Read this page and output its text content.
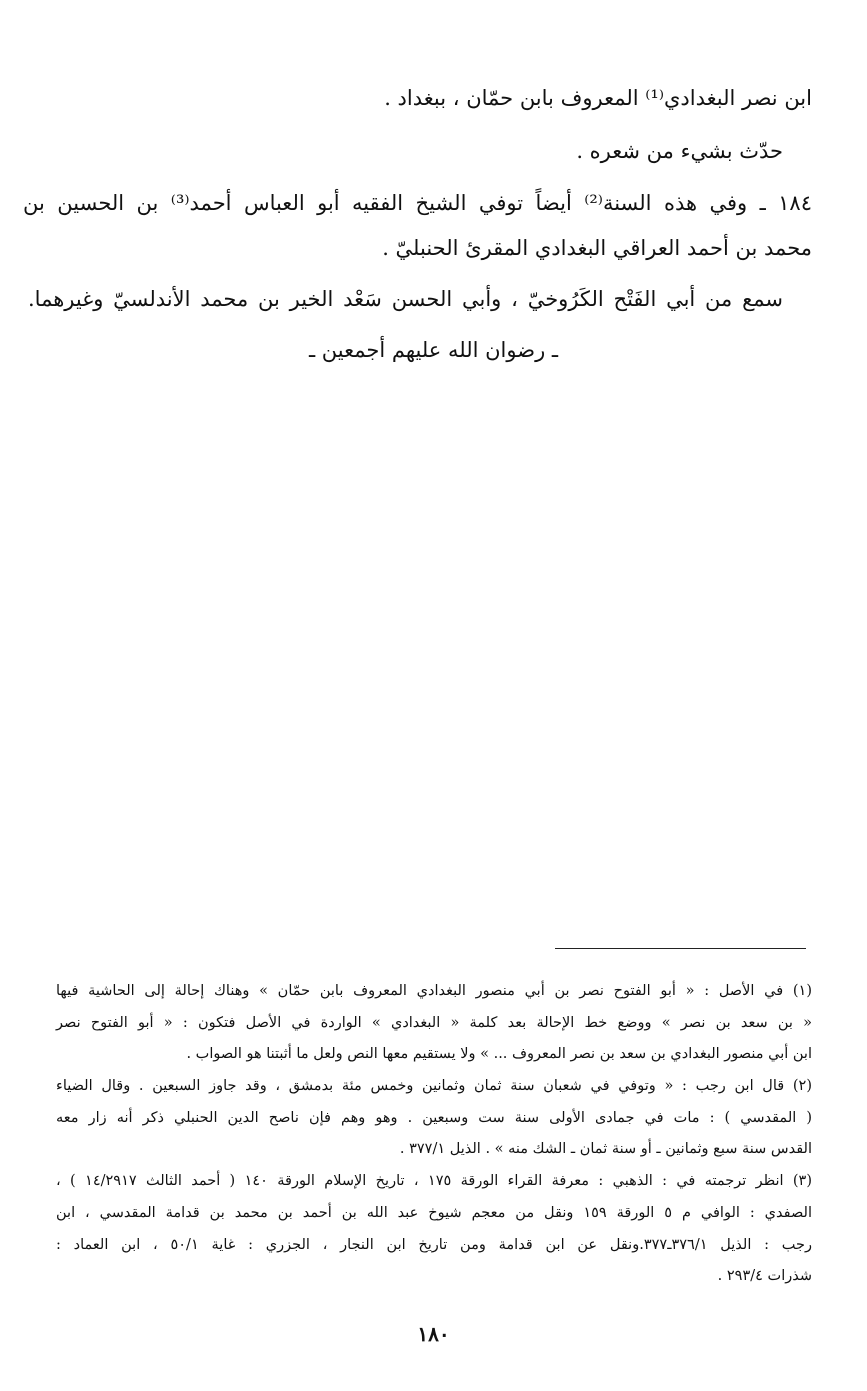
ابن نصر البغدادي⁽¹⁾ المعروف بابن حمّان ، ببغداد .

حدّث بشيء من شعره .

١٨٤ ـ وفي هذه السنة⁽²⁾ أيضاً توفي الشيخ الفقيه أبو العباس أحمد⁽³⁾ بن الحسين بن

محمد بن أحمد العراقي البغدادي المقرئ الحنبليّ .

سمع من أبي الفَتْح الكَرُوخيّ ، وأبي الحسن سَعْد الخير بن محمد الأندلسيّ وغيرهما.

ـ رضوان الله عليهم أجمعين ـ

(١) في الأصل : « أبو الفتوح نصر بن أبي منصور البغدادي المعروف بابن حمّان » وهناك إحالة إلى الحاشية فيها

« بن سعد بن نصر » ووضع خط الإحالة بعد كلمة « البغدادي » الواردة في الأصل فتكون : « أبو الفتوح نصر

ابن أبي منصور البغدادي بن سعد بن نصر المعروف ... » ولا يستقيم معها النص ولعل ما أثبتنا هو الصواب .

(٢) قال ابن رجب : « وتوفي في شعبان سنة ثمان وثمانين وخمس مئة بدمشق ، وقد جاوز السبعين . وقال الضياء

( المقدسي ) : مات في جمادى الأولى سنة ست وسبعين . وهو وهم فإن ناصح الدين الحنبلي ذكر أنه زار معه

القدس سنة سبع وثمانين ـ أو سنة ثمان ـ الشك منه » . الذيل ٣٧٧/١ .

(٣) انظر ترجمته في : الذهبي : معرفة القراء الورقة ١٧٥ ، تاريخ الإسلام الورقة ١٤٠ ( أحمد الثالث ١٤/٢٩١٧ ) ،

الصفدي : الوافي م ٥ الورقة ١٥٩ ونقل من معجم شيوخ عبد الله بن أحمد بن محمد بن قدامة المقدسي ، ابن

رجب : الذيل ٣٧٦/١ـ٣٧٧.ونقل عن ابن قدامة ومن تاريخ ابن النجار ، الجزري : غاية ٥٠/١ ، ابن العماد :

شذرات ٢٩٣/٤ .

١٨٠
